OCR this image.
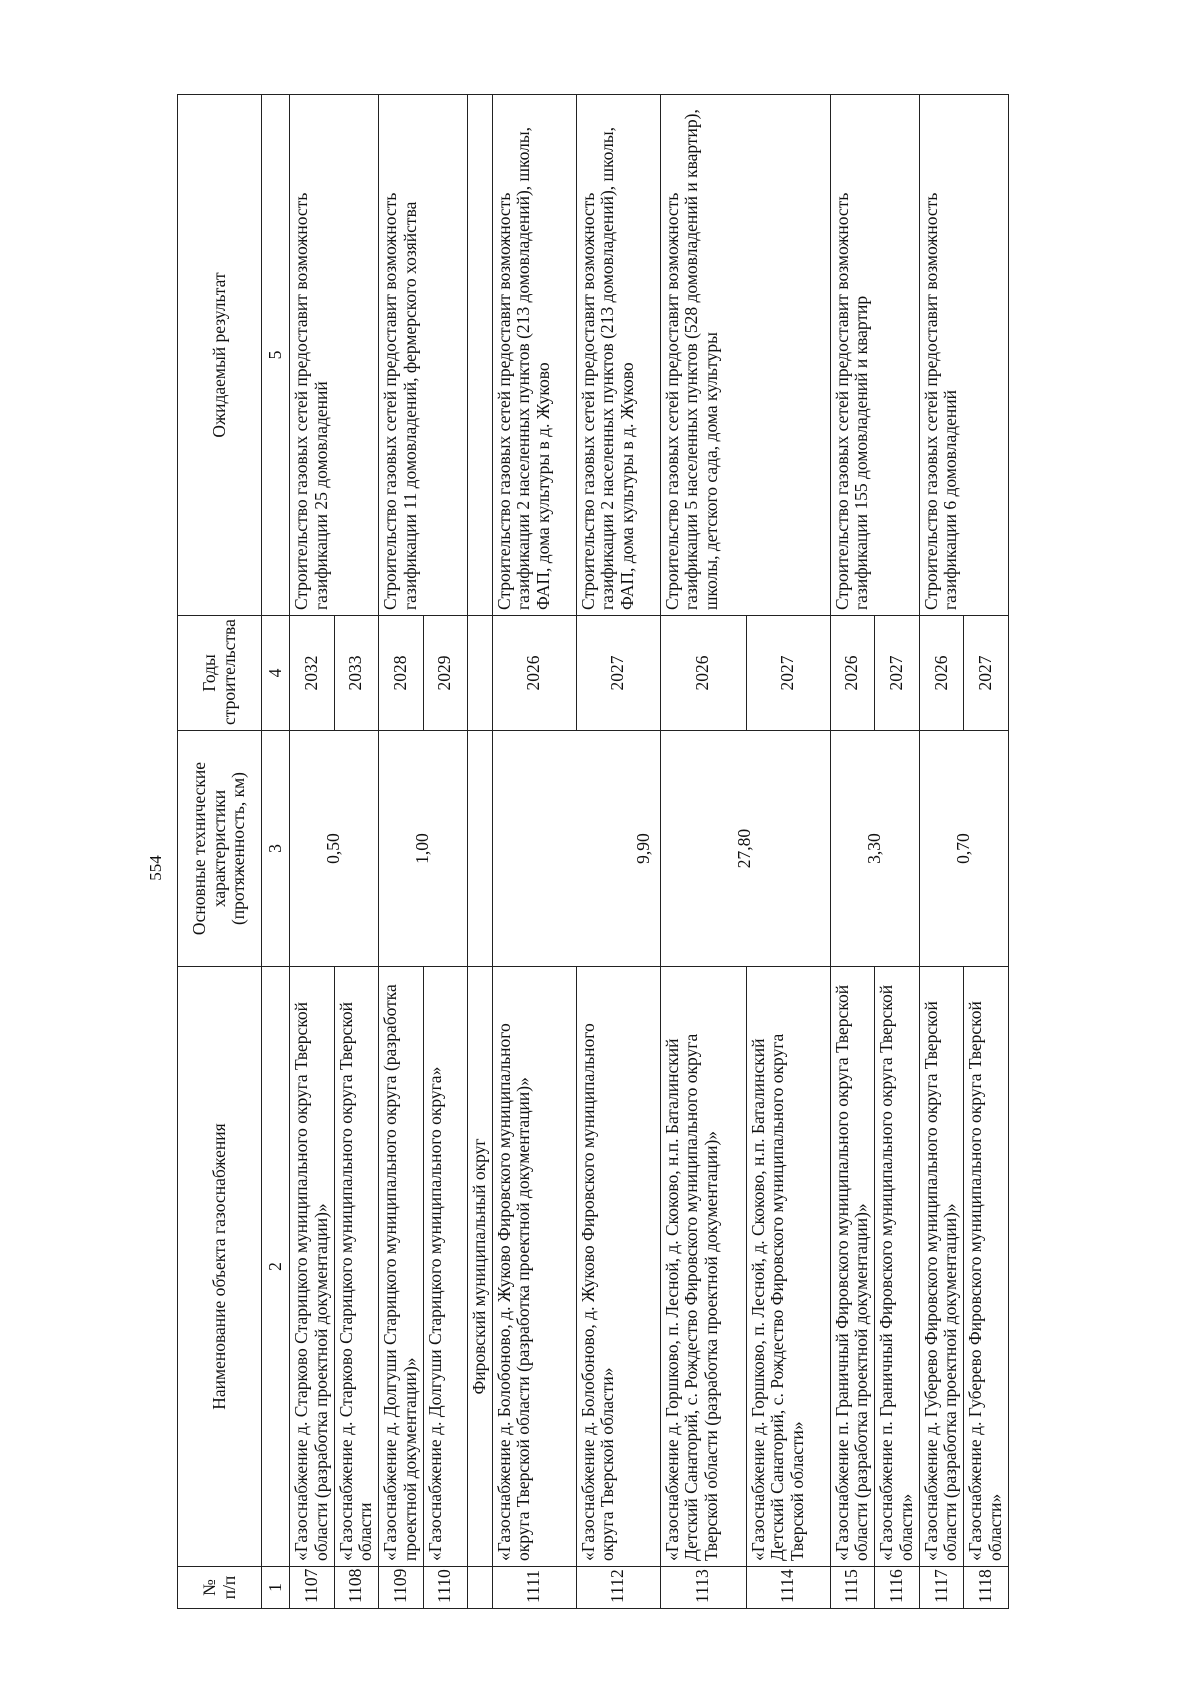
554
№ п/п	Наименование объекта газоснабжения	Основные технические характеристики (протяженность, км)	Годы строительства	Ожидаемый результат
1	2	3	4	5
1107	«Газоснабжение д. Старково Старицкого муниципального округа Тверской области (разработка проектной документации)»	0,50	2032	Строительство газовых сетей предоставит возможность газификации 25 домовладений
1108	«Газоснабжение д. Старково Старицкого муниципального округа Тверской области		2033	
1109	«Газоснабжение д. Долгуши Старицкого муниципального округа (разработка проектной документации)»	1,00	2028	Строительство газовых сетей предоставит возможность газификации 11 домовладений, фермерского хозяйства
1110	«Газоснабжение д. Долгуши Старицкого муниципального округа»		2029	
	Фировский муниципальный округ			
1111	«Газоснабжение д. Болобоново, д. Жуково Фировского муниципального округа Тверской области (разработка проектной документации)»	9,90	2026	Строительство газовых сетей предоставит возможность газификации 2 населенных пунктов (213 домовладений), школы, ФАП, дома культуры в д. Жуково
1112	«Газоснабжение д. Болобоново, д. Жуково Фировского муниципального округа Тверской области»		2027	Строительство газовых сетей предоставит возможность газификации 2 населенных пунктов (213 домовладений), школы, ФАП, дома культуры в д. Жуково
1113	«Газоснабжение д. Горшково, п. Лесной, д. Скоково, н.п. Баталинский Детский Санаторий, с. Рождество Фировского муниципального округа Тверской области (разработка проектной документации)»	27,80	2026	Строительство газовых сетей предоставит возможность газификации 5 населенных пунктов (528 домовладений и квартир), школы, детского сада, дома культуры
1114	«Газоснабжение д. Горшково, п. Лесной, д. Скоково, н.п. Баталинский Детский Санаторий, с. Рождество Фировского муниципального округа Тверской области»		2027	
1115	«Газоснабжение п. Граничный Фировского муниципального округа Тверской области (разработка проектной документации)»	3,30	2026	Строительство газовых сетей предоставит возможность газификации 155 домовладений и квартир
1116	«Газоснабжение п. Граничный Фировского муниципального округа Тверской области»		2027	
1117	«Газоснабжение д. Губерево Фировского муниципального округа Тверской области (разработка проектной документации)»	0,70	2026	Строительство газовых сетей предоставит возможность газификации 6 домовладений
1118	«Газоснабжение д. Губерево Фировского муниципального округа Тверской области»		2027	
